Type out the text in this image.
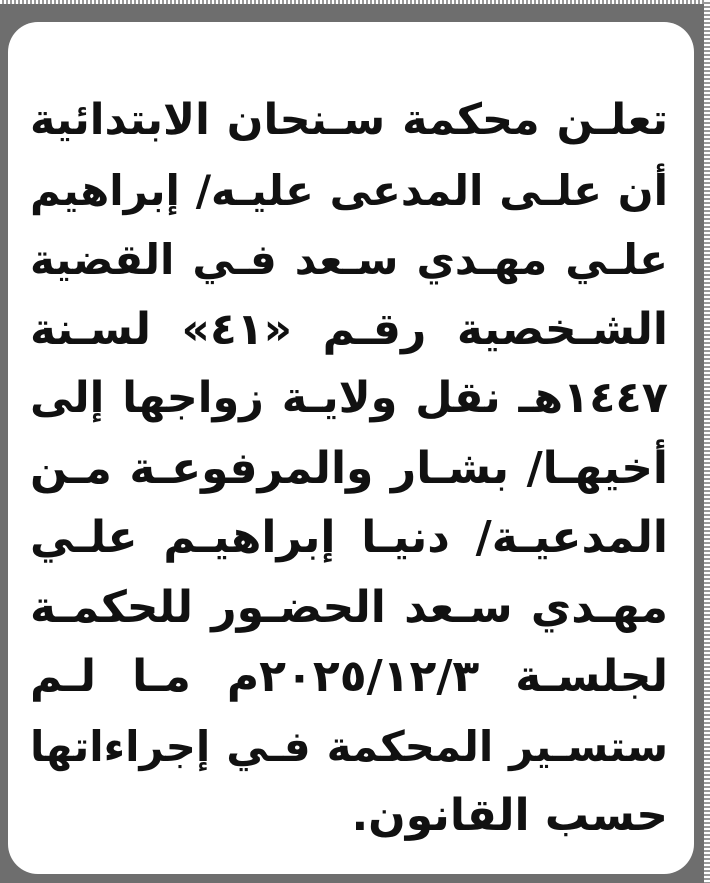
تعلـن محكمة سـنحان الابتدائية
أن علـى المدعى عليـه/ إبراهيم
علـي مهـدي سـعد فـي القضية
الشـخصية رقـم «٤١» لسـنة
١٤٤٧هـ نقل ولايـة زواجها إلى
أخيهـا/ بشـار والمرفوعـة مـن
المدعيـة/ دنيـا إبراهيـم علـي
مهـدي سـعد الحضـور للحكمـة
لجلسـة ٢٠٢٥/١٢/٣م مـا لـم
ستسـير المحكمة فـي إجراءاتها
حسب القانون.
